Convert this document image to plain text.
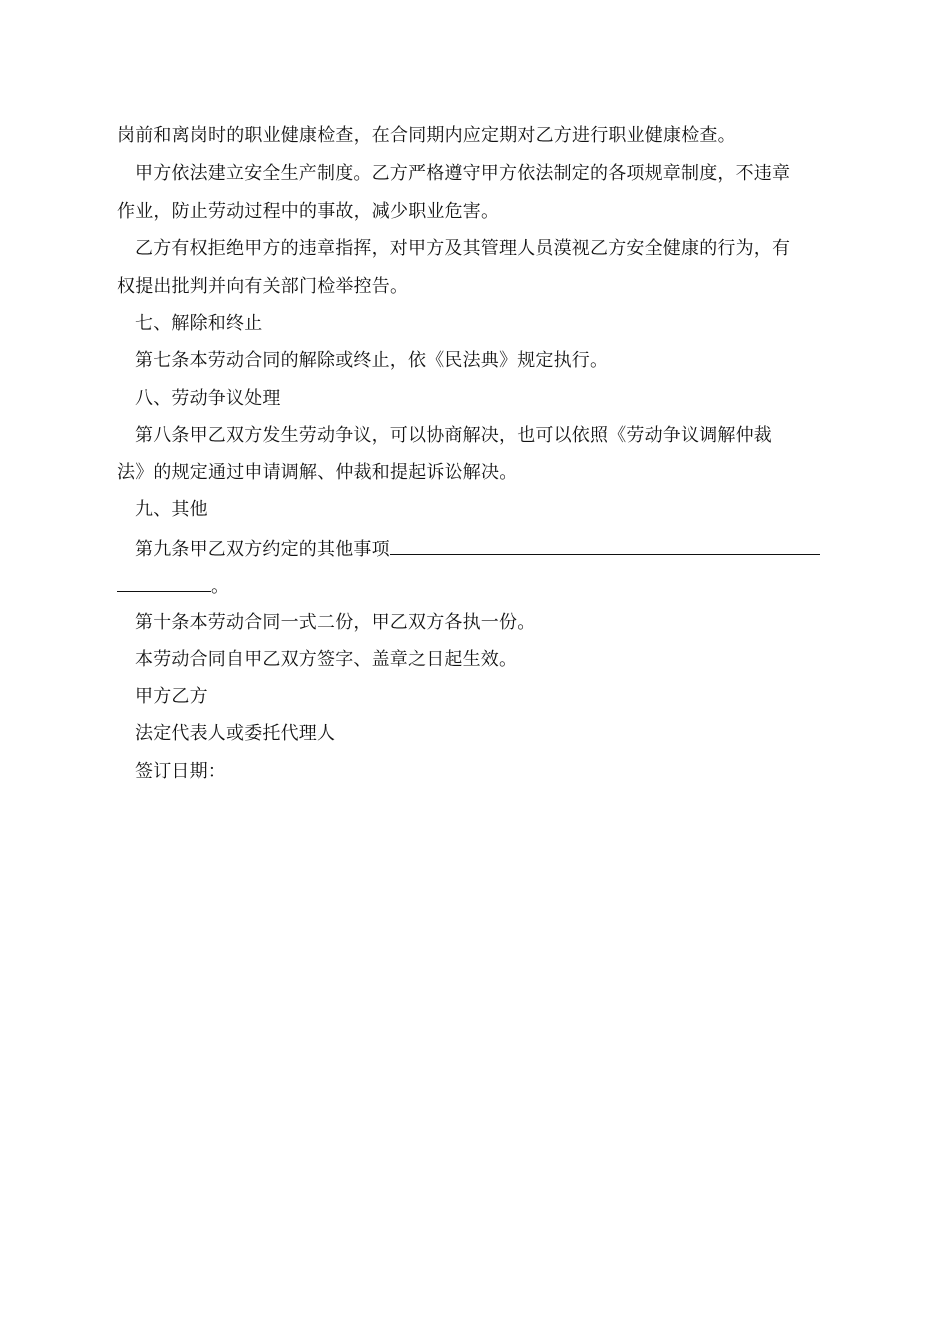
岗前和离岗时的职业健康检查，在合同期内应定期对乙方进行职业健康检查。
甲方依法建立安全生产制度。乙方严格遵守甲方依法制定的各项规章制度，不违章
作业，防止劳动过程中的事故，减少职业危害。
乙方有权拒绝甲方的违章指挥，对甲方及其管理人员漠视乙方安全健康的行为，有
权提出批判并向有关部门检举控告。
七、解除和终止
第七条本劳动合同的解除或终止，依《民法典》规定执行。
八、劳动争议处理
第八条甲乙双方发生劳动争议，可以协商解决，也可以依照《劳动争议调解仲裁
法》的规定通过申请调解、仲裁和提起诉讼解决。
九、其他
第九条甲乙双方约定的其他事项
。
第十条本劳动合同一式二份，甲乙双方各执一份。
本劳动合同自甲乙双方签字、盖章之日起生效。
甲方乙方
法定代表人或委托代理人
签订日期：
